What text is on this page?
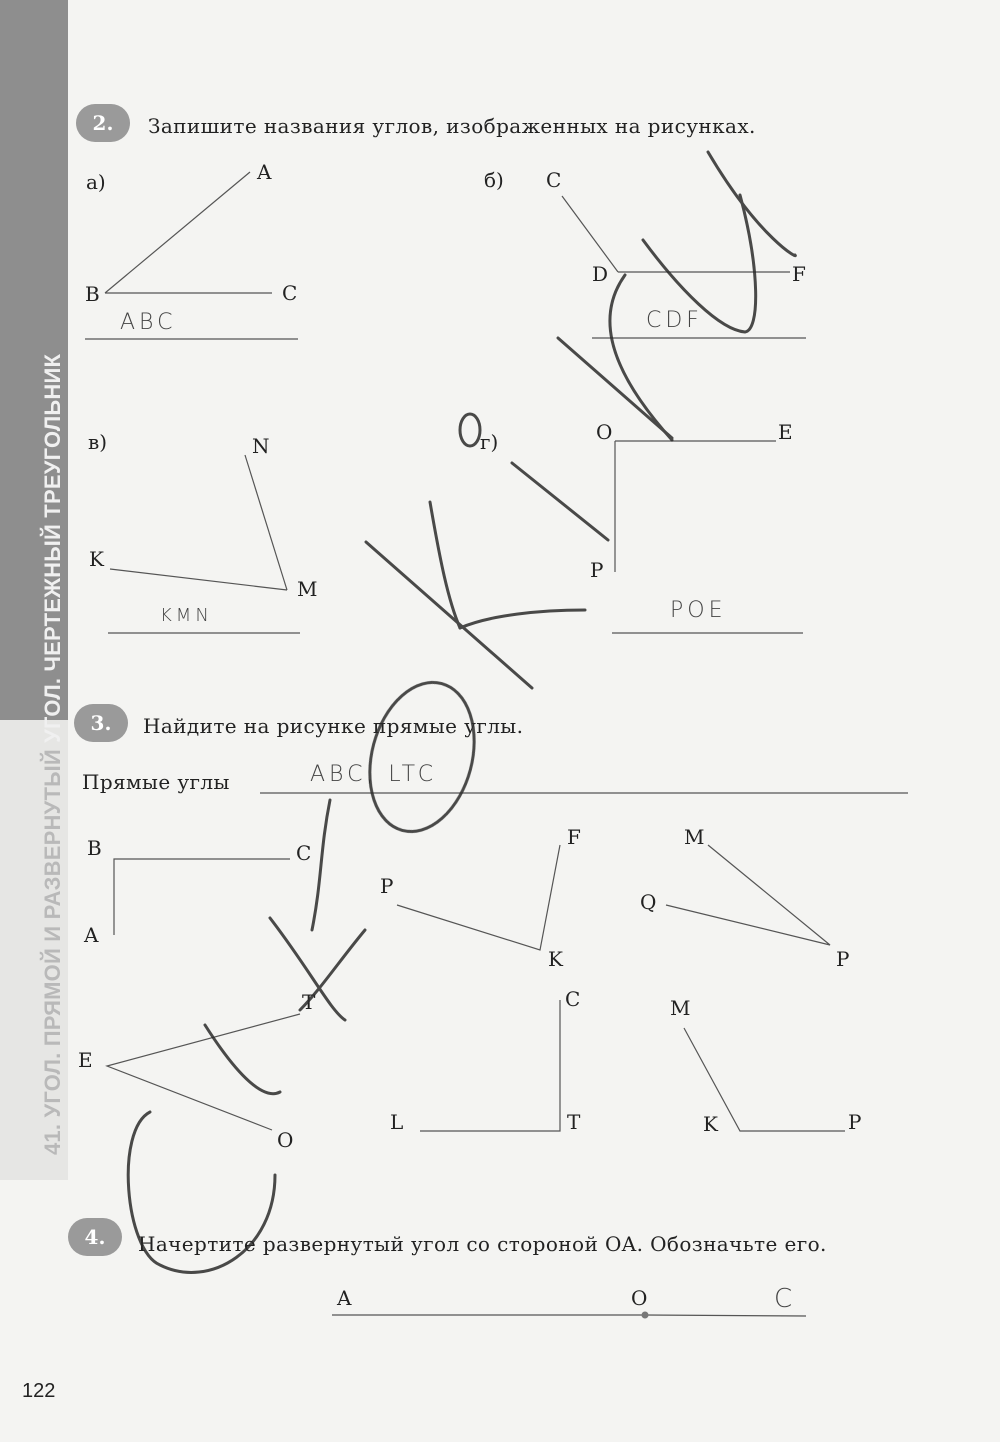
41. УГОЛ. ПРЯМОЙ И РАЗВЕРНУТЫЙ УГОЛ. ЧЕРТЕЖНЫЙ ТРЕУГОЛЬНИК
2.	Запишите названия углов, изображенных на рисунках.
а)	A
B	C
ABC
б) C
D	F
CDF
в)	N
M
K
KMN
г)	O
P
E
POE
3.	Найдите на рисунке прямые углы.
Прямые углы	ABC, LTC
B	C
A
F
P
K
M
Q
P
T
E
O
C
L	T
M
K	P
4.	Начертите развернутый угол со стороной OA. Обозначьте его.
A	O	C
122
